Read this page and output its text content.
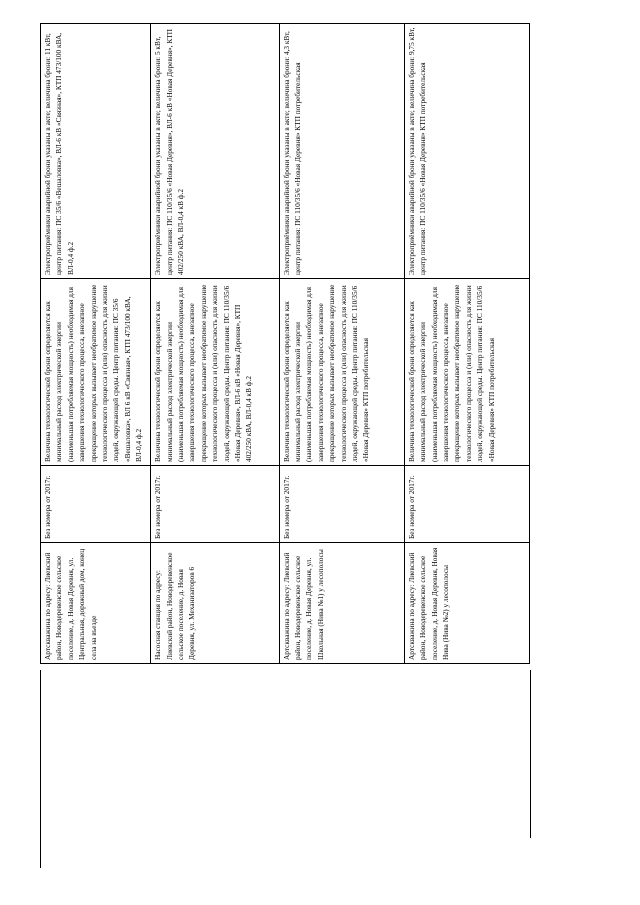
	Артскважина по адресу: Лиевский район, Новодеревенское сельское поселение, д. Новая Деревня, ул. Центральная, дорожный дом, конец села на въезде	Без номера от 2017г.	Величина технологической брони определяется как минимальный расход электрической энергии (наименьшая потребляемая мощность) необходимая для завершения технологического процесса, внезапное прекращение которых вызывает необратимое нарушение технологического процесса и (или) опасность для жизни людей, окружающей среды. Центр питания: ПС 35/6 «Вешаловка», ВЛ 6 кВ «Связная», КТП 473/100 кВА, ВЛ-0,4 ф.2	Электроприёмники аварийной брони указаны в акте; величина брони: 11 кВт, центр питания: ПС 35/6 «Вешаловка», ВЛ-6 кВ «Связная», КТП 473/100 кВА, ВЛ-0,4 ф.2

	Насосная станция по адресу: Лиевский район, Новодеревенское сельское поселение, д. Новая Деревня, ул. Механизаторов 6	Без номера от 2017г.	Величина технологической брони определяется как минимальный расход электрической энергии (наименьшая потребляемая мощность) необходимая для завершения технологического процесса, внезапное прекращение которых вызывает необратимое нарушение технологического процесса и (или) опасность для жизни людей, окружающей среды. Центр питания: ПС 110/35/6 «Новая Деревня», ВЛ-6 кВ «Новая Деревня», КТП 402/250 кВА, ВЛ-0,4 кВ ф.2	Электроприёмники аварийной брони указаны в акте; величина брони: 5 кВт, центр питания: ПС 110/35/6 «Новая Деревня», ВЛ-6 кВ «Новая Деревня», КТП 402/250 кВА, ВЛ-0,4 кВ ф.2

	Артскважина по адресу: Лиевский район, Новодеревенское сельское поселение, д. Новая Деревня, ул. Школьная (Нива №1) у лесополосы	Без номера от 2017г.	Величина технологической брони определяется как минимальный расход электрической энергии (наименьшая потребляемая мощность) необходимая для завершения технологического процесса, внезапное прекращение которых вызывает необратимое нарушение технологического процесса и (или) опасность для жизни людей, окружающей среды. Центр питания: ПС 110/35/6 «Новая Деревня» КТП потребительская	Электроприёмники аварийной брони указаны в акте; величина брони: 4,3 кВт, центр питания: ПС 110/35/6 «Новая Деревня» КТП потребительская

	Артскважина по адресу: Лиевский район, Новодеревенское сельское поселение, д. Новая Деревня, Новая Нива (Нива №2) у лесополосы	Без номера от 2017г.	Величина технологической брони определяется как минимальный расход электрической энергии (наименьшая потребляемая мощность) необходимая для завершения технологического процесса, внезапное прекращение которых вызывает необратимое нарушение технологического процесса и (или) опасность для жизни людей, окружающей среды. Центр питания: ПС 110/35/6 «Новая Деревня» КТП потребительская	Электроприёмники аварийной брони указаны в акте; величина брони: 9,75 кВт, центр питания: ПС 110/35/6 «Новая Деревня» КТП потребительская
